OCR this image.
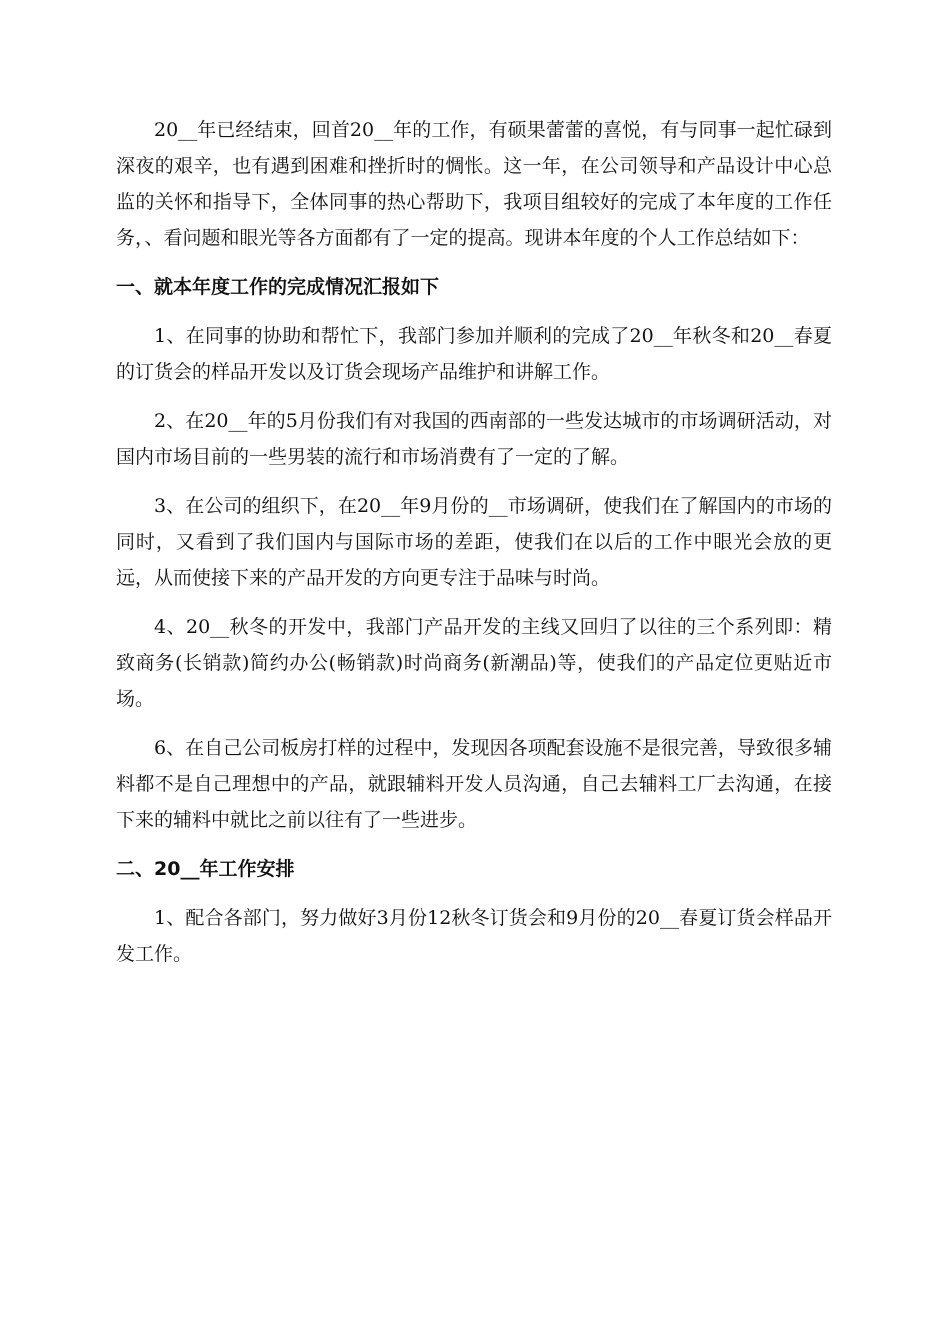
20__年已经结束，回首20__年的工作，有硕果蕾蕾的喜悦，有与同事一起忙碌到深夜的艰辛，也有遇到困难和挫折时的惆怅。这一年，在公司领导和产品设计中心总监的关怀和指导下，全体同事的热心帮助下，我项目组较好的完成了本年度的工作任务，、看问题和眼光等各方面都有了一定的提高。现讲本年度的个人工作总结如下：

一、就本年度工作的完成情况汇报如下

1、在同事的协助和帮忙下，我部门参加并顺利的完成了20__年秋冬和20__春夏的订货会的样品开发以及订货会现场产品维护和讲解工作。

2、在20__年的5月份我们有对我国的西南部的一些发达城市的市场调研活动，对国内市场目前的一些男装的流行和市场消费有了一定的了解。

3、在公司的组织下，在20__年9月份的__市场调研，使我们在了解国内的市场的同时，又看到了我们国内与国际市场的差距，使我们在以后的工作中眼光会放的更远，从而使接下来的产品开发的方向更专注于品味与时尚。

4、20__秋冬的开发中，我部门产品开发的主线又回归了以往的三个系列即：精致商务(长销款)简约办公(畅销款)时尚商务(新潮品)等，使我们的产品定位更贴近市场。

6、在自己公司板房打样的过程中，发现因各项配套设施不是很完善，导致很多辅料都不是自己理想中的产品，就跟辅料开发人员沟通，自己去辅料工厂去沟通，在接下来的辅料中就比之前以往有了一些进步。

二、20__年工作安排

1、配合各部门，努力做好3月份12秋冬订货会和9月份的20__春夏订货会样品开发工作。
